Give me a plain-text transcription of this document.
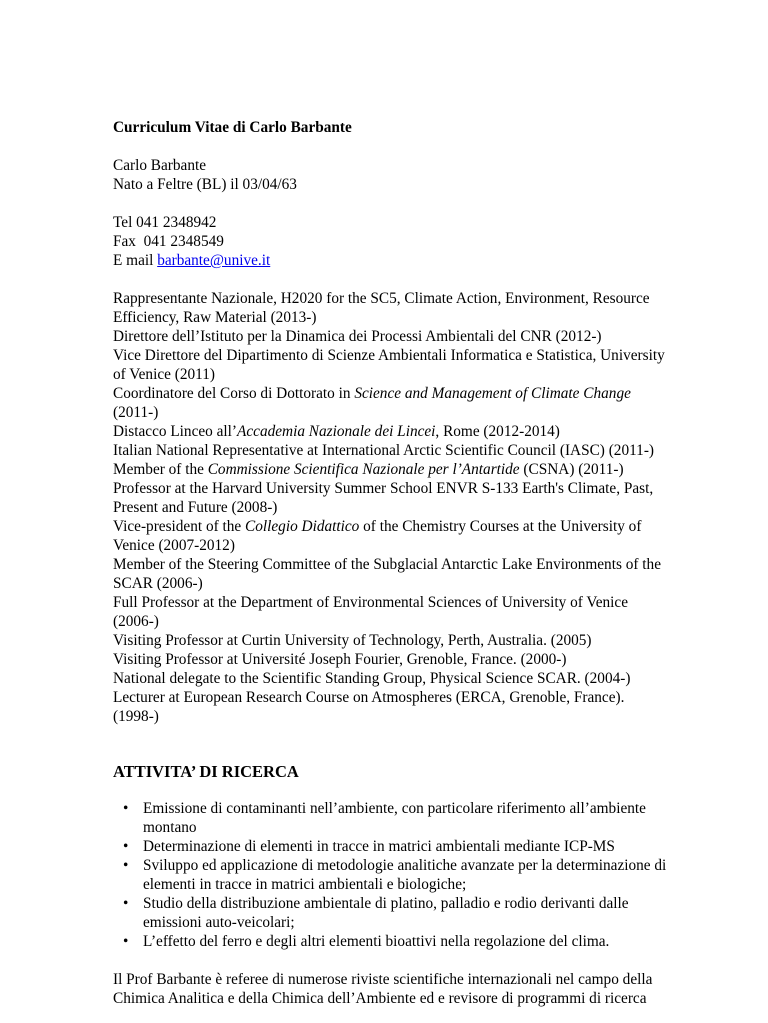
Curriculum Vitae di Carlo Barbante

Carlo Barbante

Nato a Feltre (BL) il 03/04/63

Tel 041 2348942

Fax  041 2348549

E mail barbante@unive.it

Rappresentante Nazionale, H2020 for the SC5, Climate Action, Environment, Resource Efficiency, Raw Material (2013-)
Direttore dell’Istituto per la Dinamica dei Processi Ambientali del CNR (2012-)
Vice Direttore del Dipartimento di Scienze Ambientali Informatica e Statistica, University of Venice (2011)
Coordinatore del Corso di Dottorato in Science and Management of Climate Change (2011-)
Distacco Linceo all’Accademia Nazionale dei Lincei, Rome (2012-2014)
Italian National Representative at International Arctic Scientific Council (IASC) (2011-)
Member of the Commissione Scientifica Nazionale per l’Antartide (CSNA) (2011-)
Professor at the Harvard University Summer School ENVR S-133 Earth's Climate, Past, Present and Future (2008-)
Vice-president of the Collegio Didattico of the Chemistry Courses at the University of Venice (2007-2012)
Member of the Steering Committee of the Subglacial Antarctic Lake Environments of the SCAR (2006-)
Full Professor at the Department of Environmental Sciences of University of Venice (2006-)
Visiting Professor at Curtin University of Technology, Perth, Australia. (2005)
Visiting Professor at Université Joseph Fourier, Grenoble, France. (2000-)
National delegate to the Scientific Standing Group, Physical Science SCAR. (2004-)
Lecturer at European Research Course on Atmospheres (ERCA, Grenoble, France). (1998-)

ATTIVITA’ DI RICERCA

• Emissione di contaminanti nell’ambiente, con particolare riferimento all’ambiente montano
• Determinazione di elementi in tracce in matrici ambientali mediante ICP-MS
• Sviluppo ed applicazione di metodologie analitiche avanzate per la determinazione di elementi in tracce in matrici ambientali e biologiche;
• Studio della distribuzione ambientale di platino, palladio e rodio derivanti dalle emissioni auto-veicolari;
• L’effetto del ferro e degli altri elementi bioattivi nella regolazione del clima.

Il Prof Barbante è referee di numerose riviste scientifiche internazionali nel campo della Chimica Analitica e della Chimica dell’Ambiente ed e revisore di programmi di ricerca
